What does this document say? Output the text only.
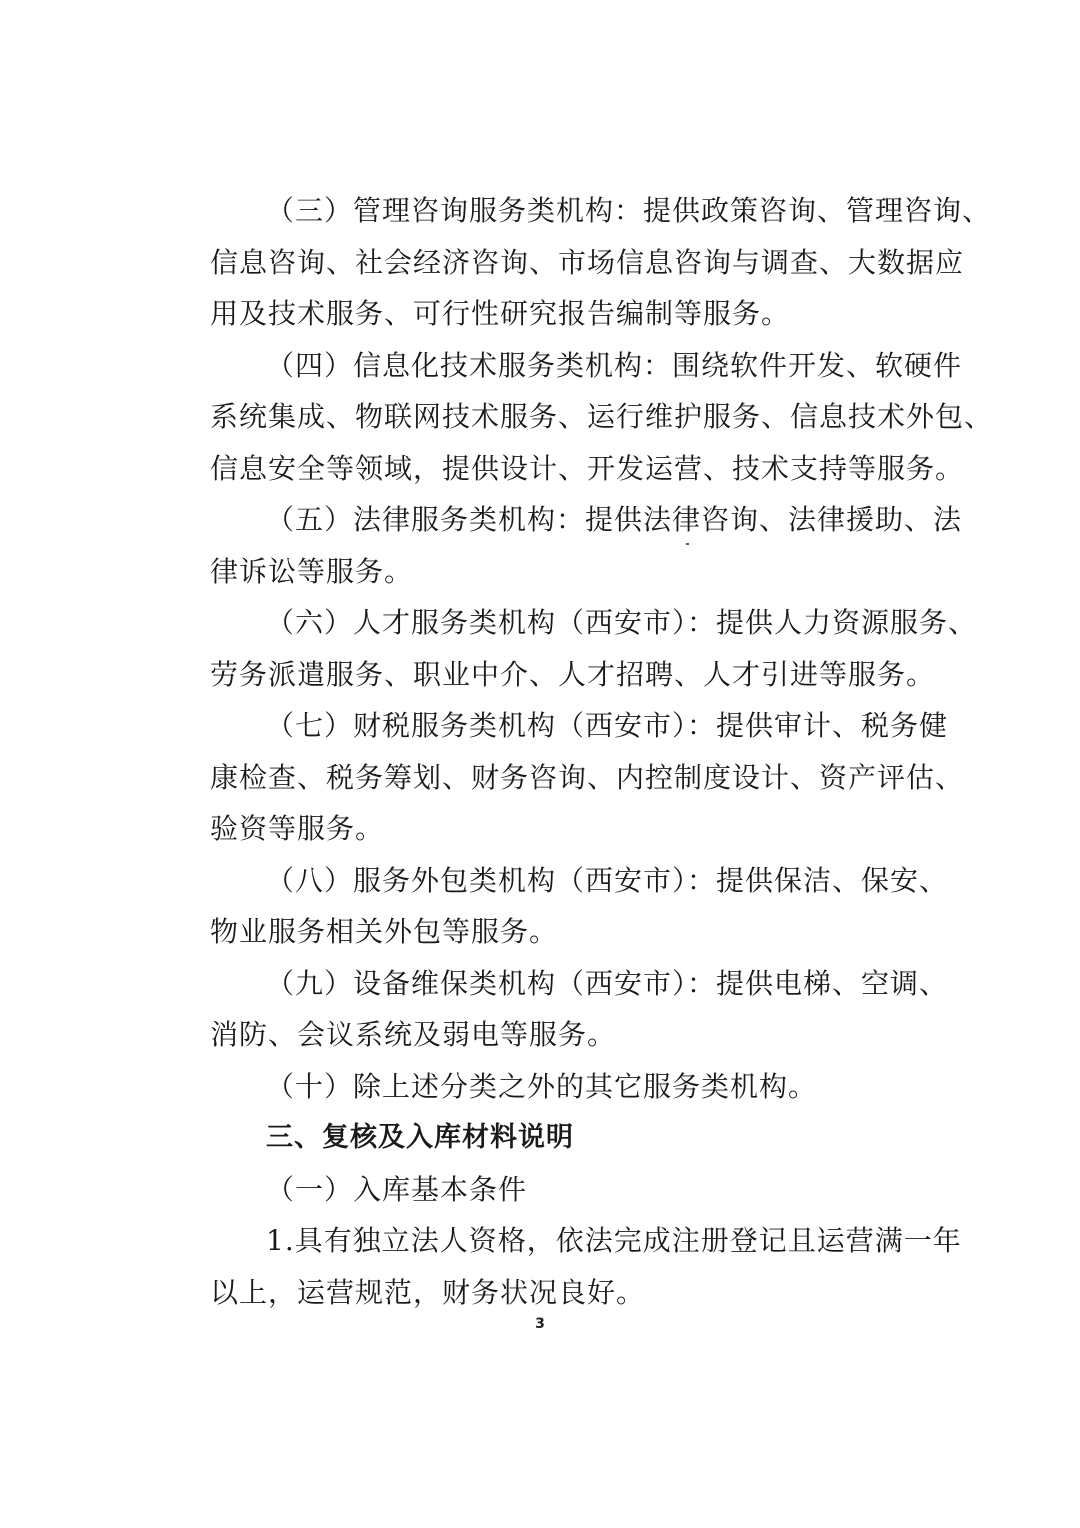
（三）管理咨询服务类机构：提供政策咨询、管理咨询、
信息咨询、社会经济咨询、市场信息咨询与调查、大数据应
用及技术服务、可行性研究报告编制等服务。
（四）信息化技术服务类机构：围绕软件开发、软硬件
系统集成、物联网技术服务、运行维护服务、信息技术外包、
信息安全等领域，提供设计、开发运营、技术支持等服务。
（五）法律服务类机构：提供法律咨询、法律援助、法
律诉讼等服务。
（六）人才服务类机构（西安市）：提供人力资源服务、
劳务派遣服务、职业中介、人才招聘、人才引进等服务。
（七）财税服务类机构（西安市）：提供审计、税务健
康检查、税务筹划、财务咨询、内控制度设计、资产评估、
验资等服务。
（八）服务外包类机构（西安市）：提供保洁、保安、
物业服务相关外包等服务。
（九）设备维保类机构（西安市）：提供电梯、空调、
消防、会议系统及弱电等服务。
（十）除上述分类之外的其它服务类机构。
三、复核及入库材料说明
（一）入库基本条件
1.具有独立法人资格，依法完成注册登记且运营满一年
以上，运营规范，财务状况良好。
3
